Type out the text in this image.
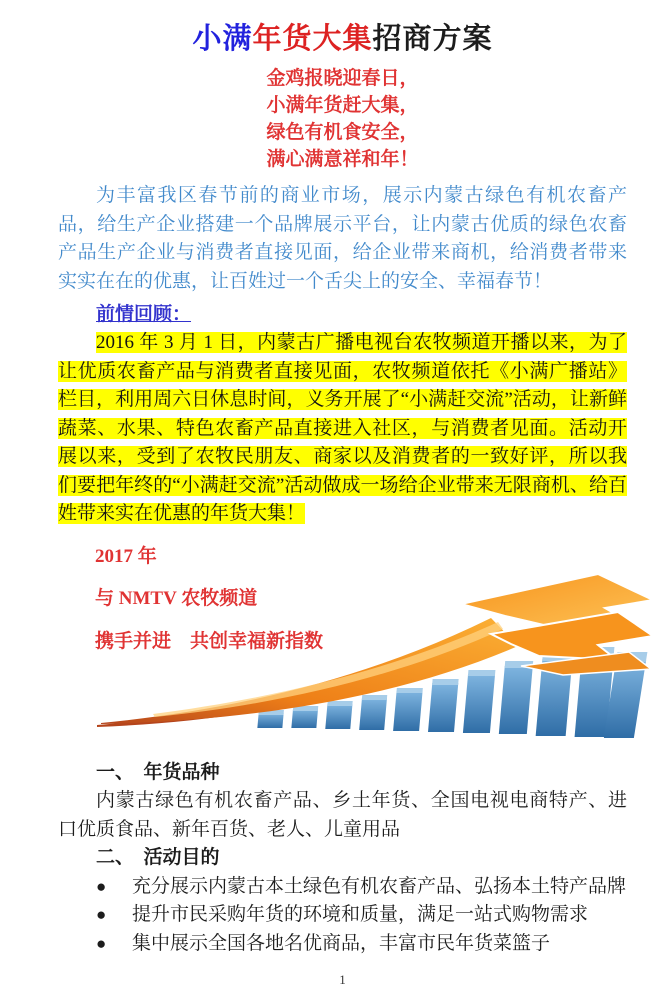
小满年货大集招商方案
金鸡报晓迎春日，
小满年货赶大集，
绿色有机食安全，
满心满意祥和年！

为丰富我区春节前的商业市场，展示内蒙古绿色有机农畜产品，给生产企业搭建一个品牌展示平台，让内蒙古优质的绿色农畜产品生产企业与消费者直接见面，给企业带来商机，给消费者带来实实在在的优惠，让百姓过一个舌尖上的安全、幸福春节！

前情回顾：

2016 年 3 月 1 日，内蒙古广播电视台农牧频道开播以来，为了让优质农畜产品与消费者直接见面，农牧频道依托《小满广播站》栏目，利用周六日休息时间，义务开展了“小满赶交流”活动，让新鲜蔬菜、水果、特色农畜产品直接进入社区，与消费者见面。活动开展以来，受到了农牧民朋友、商家以及消费者的一致好评，所以我们要把年终的“小满赶交流”活动做成一场给企业带来无限商机、给百姓带来实在优惠的年货大集！

2017 年
与 NMTV 农牧频道
携手并进　共创幸福新指数
一、　年货品种

内蒙古绿色有机农畜产品、乡土年货、全国电视电商特产、进口优质食品、新年百货、老人、儿童用品

二、　活动目的
●	充分展示内蒙古本土绿色有机农畜产品、弘扬本土特产品牌
●	提升市民采购年货的环境和质量，满足一站式购物需求
●	集中展示全国各地名优商品，丰富市民年货菜篮子
1
